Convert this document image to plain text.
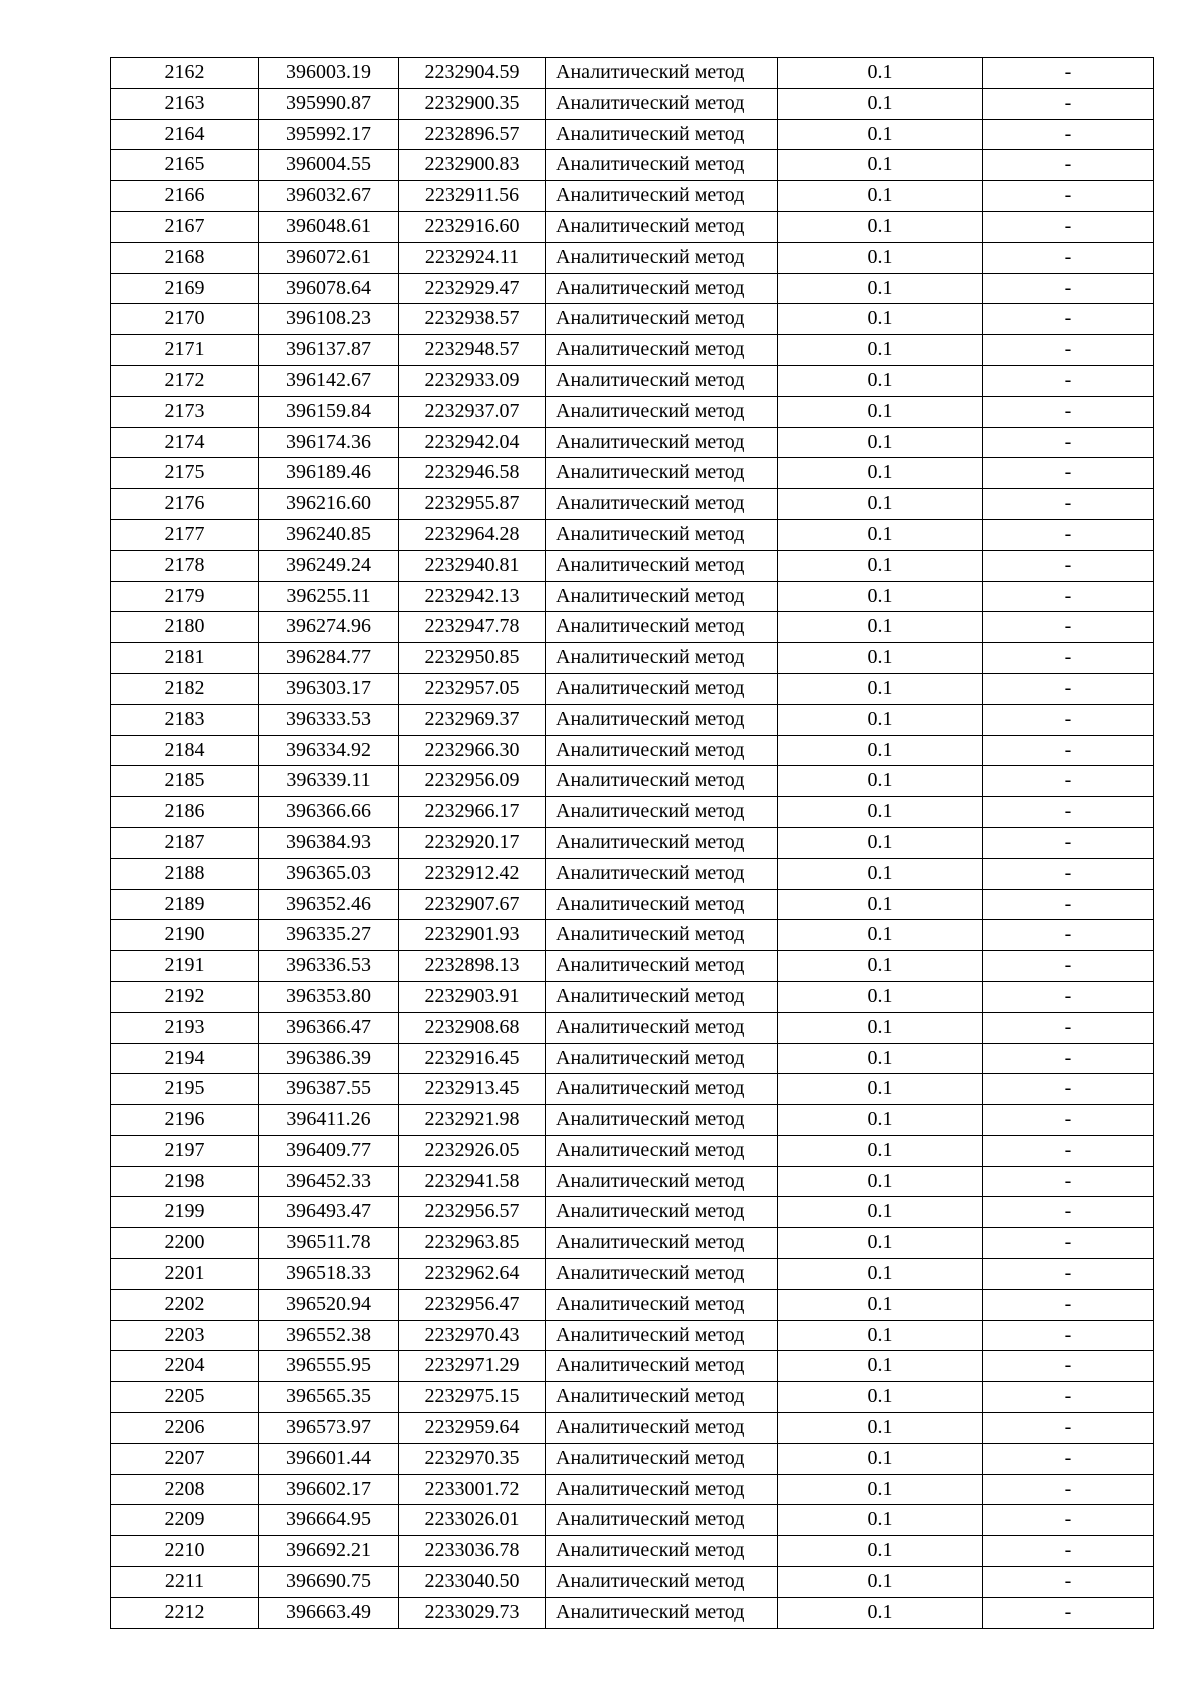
2162	396003.19	2232904.59	Аналитический метод	0.1	-
2163	395990.87	2232900.35	Аналитический метод	0.1	-
2164	395992.17	2232896.57	Аналитический метод	0.1	-
2165	396004.55	2232900.83	Аналитический метод	0.1	-
2166	396032.67	2232911.56	Аналитический метод	0.1	-
2167	396048.61	2232916.60	Аналитический метод	0.1	-
2168	396072.61	2232924.11	Аналитический метод	0.1	-
2169	396078.64	2232929.47	Аналитический метод	0.1	-
2170	396108.23	2232938.57	Аналитический метод	0.1	-
2171	396137.87	2232948.57	Аналитический метод	0.1	-
2172	396142.67	2232933.09	Аналитический метод	0.1	-
2173	396159.84	2232937.07	Аналитический метод	0.1	-
2174	396174.36	2232942.04	Аналитический метод	0.1	-
2175	396189.46	2232946.58	Аналитический метод	0.1	-
2176	396216.60	2232955.87	Аналитический метод	0.1	-
2177	396240.85	2232964.28	Аналитический метод	0.1	-
2178	396249.24	2232940.81	Аналитический метод	0.1	-
2179	396255.11	2232942.13	Аналитический метод	0.1	-
2180	396274.96	2232947.78	Аналитический метод	0.1	-
2181	396284.77	2232950.85	Аналитический метод	0.1	-
2182	396303.17	2232957.05	Аналитический метод	0.1	-
2183	396333.53	2232969.37	Аналитический метод	0.1	-
2184	396334.92	2232966.30	Аналитический метод	0.1	-
2185	396339.11	2232956.09	Аналитический метод	0.1	-
2186	396366.66	2232966.17	Аналитический метод	0.1	-
2187	396384.93	2232920.17	Аналитический метод	0.1	-
2188	396365.03	2232912.42	Аналитический метод	0.1	-
2189	396352.46	2232907.67	Аналитический метод	0.1	-
2190	396335.27	2232901.93	Аналитический метод	0.1	-
2191	396336.53	2232898.13	Аналитический метод	0.1	-
2192	396353.80	2232903.91	Аналитический метод	0.1	-
2193	396366.47	2232908.68	Аналитический метод	0.1	-
2194	396386.39	2232916.45	Аналитический метод	0.1	-
2195	396387.55	2232913.45	Аналитический метод	0.1	-
2196	396411.26	2232921.98	Аналитический метод	0.1	-
2197	396409.77	2232926.05	Аналитический метод	0.1	-
2198	396452.33	2232941.58	Аналитический метод	0.1	-
2199	396493.47	2232956.57	Аналитический метод	0.1	-
2200	396511.78	2232963.85	Аналитический метод	0.1	-
2201	396518.33	2232962.64	Аналитический метод	0.1	-
2202	396520.94	2232956.47	Аналитический метод	0.1	-
2203	396552.38	2232970.43	Аналитический метод	0.1	-
2204	396555.95	2232971.29	Аналитический метод	0.1	-
2205	396565.35	2232975.15	Аналитический метод	0.1	-
2206	396573.97	2232959.64	Аналитический метод	0.1	-
2207	396601.44	2232970.35	Аналитический метод	0.1	-
2208	396602.17	2233001.72	Аналитический метод	0.1	-
2209	396664.95	2233026.01	Аналитический метод	0.1	-
2210	396692.21	2233036.78	Аналитический метод	0.1	-
2211	396690.75	2233040.50	Аналитический метод	0.1	-
2212	396663.49	2233029.73	Аналитический метод	0.1	-
